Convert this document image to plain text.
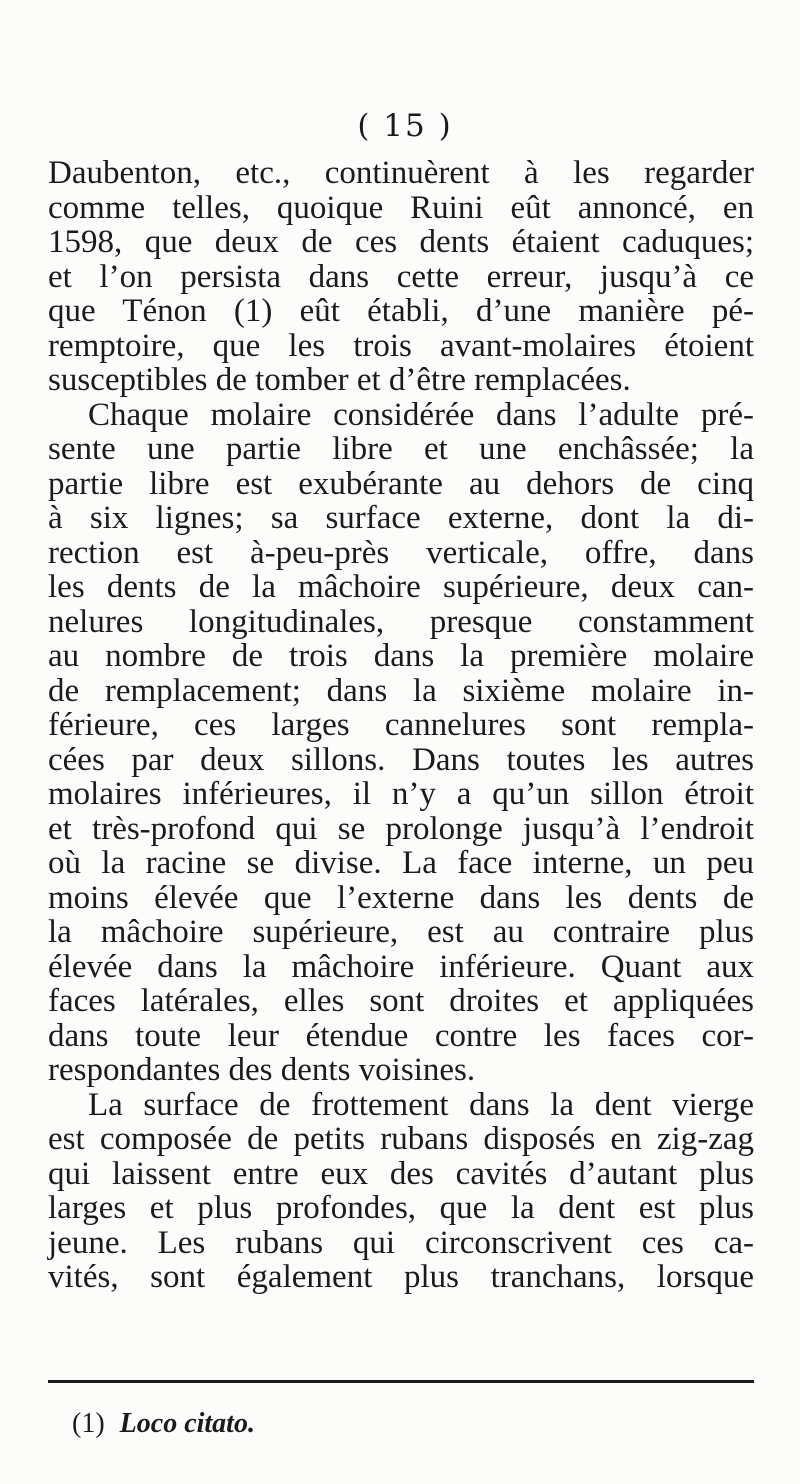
( 15 )
Daubenton, etc., continuèrent à les regarder
comme telles, quoique Ruini eût annoncé, en
1598, que deux de ces dents étaient caduques;
et l’on persista dans cette erreur, jusqu’à ce
que Ténon (1) eût établi, d’une manière pé-
remptoire, que les trois avant-molaires étoient
susceptibles de tomber et d’être remplacées.
Chaque molaire considérée dans l’adulte pré-
sente une partie libre et une enchâssée; la
partie libre est exubérante au dehors de cinq
à six lignes; sa surface externe, dont la di-
rection est à-peu-près verticale, offre, dans
les dents de la mâchoire supérieure, deux can-
nelures longitudinales, presque constamment
au nombre de trois dans la première molaire
de remplacement; dans la sixième molaire in-
férieure, ces larges cannelures sont rempla-
cées par deux sillons. Dans toutes les autres
molaires inférieures, il n’y a qu’un sillon étroit
et très-profond qui se prolonge jusqu’à l’endroit
où la racine se divise. La face interne, un peu
moins élevée que l’externe dans les dents de
la mâchoire supérieure, est au contraire plus
élevée dans la mâchoire inférieure. Quant aux
faces latérales, elles sont droites et appliquées
dans toute leur étendue contre les faces cor-
respondantes des dents voisines.
La surface de frottement dans la dent vierge
est composée de petits rubans disposés en zig-zag
qui laissent entre eux des cavités d’autant plus
larges et plus profondes, que la dent est plus
jeune. Les rubans qui circonscrivent ces ca-
vités, sont également plus tranchans, lorsque
(1) Loco citato.
